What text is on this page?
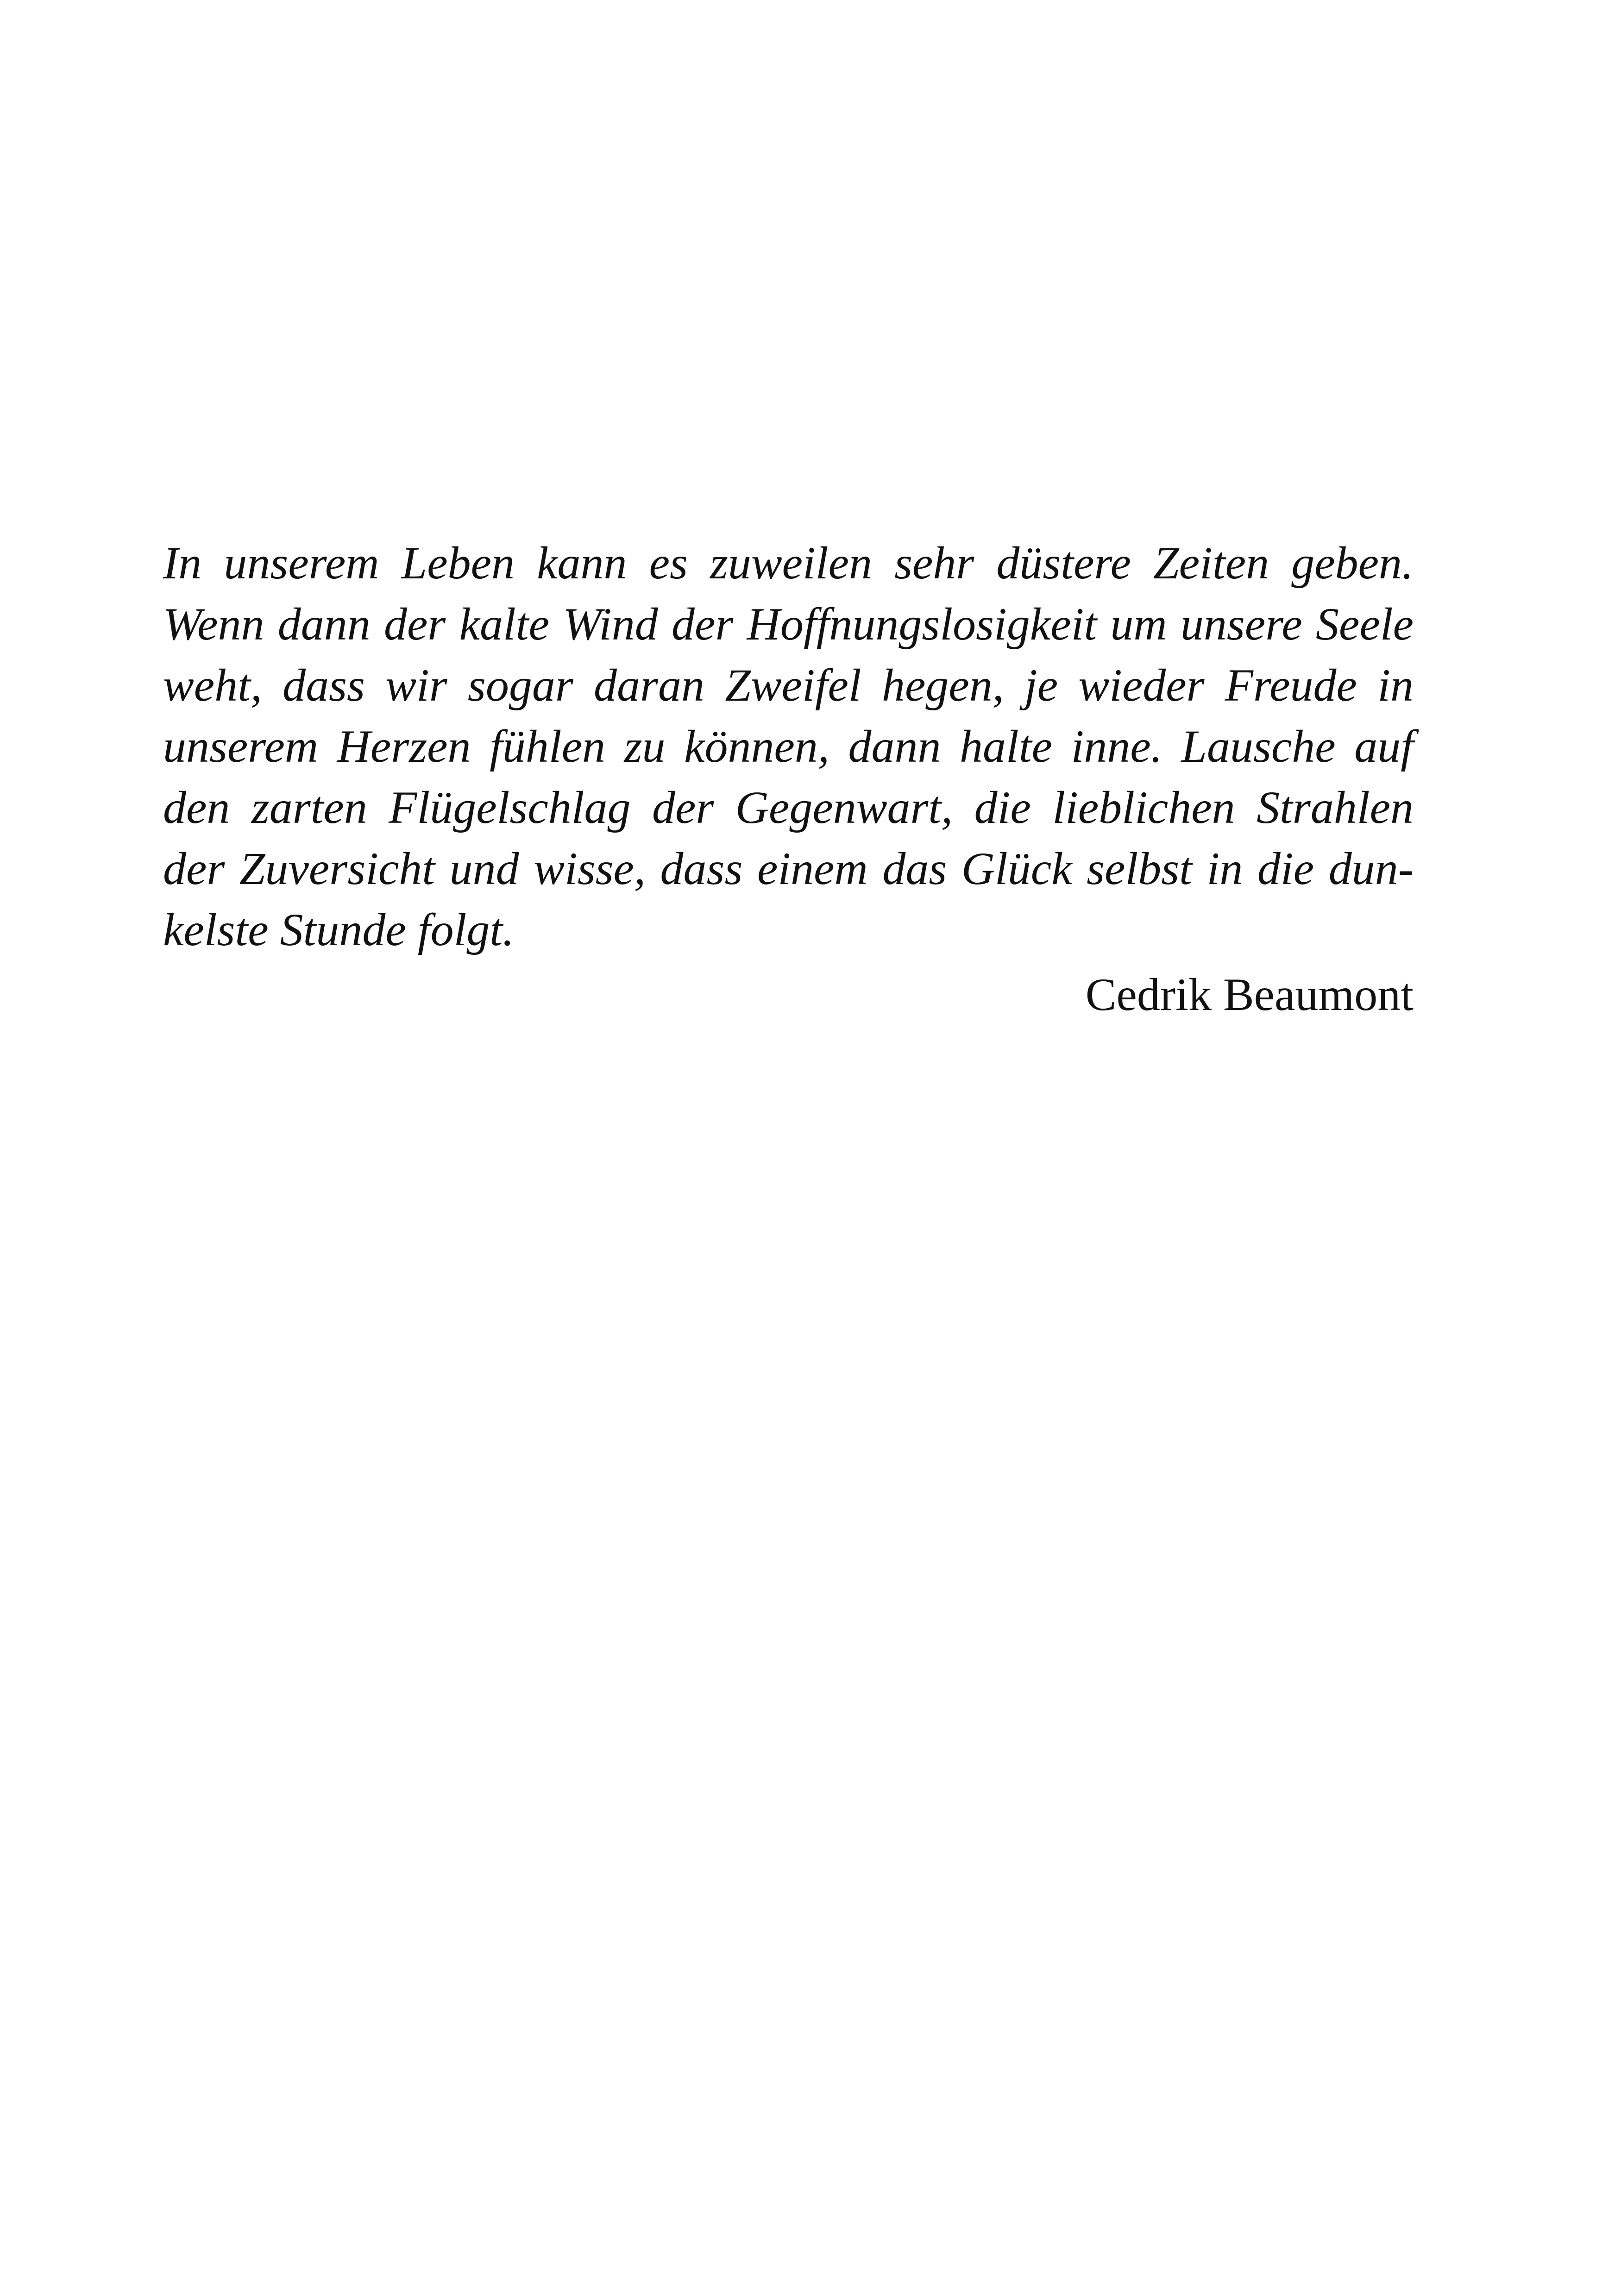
In unserem Leben kann es zuweilen sehr düstere Zeiten geben.
Wenn dann der kalte Wind der Hoffnungslosigkeit um unsere Seele
weht, dass wir sogar daran Zweifel hegen, je wieder Freude in
unserem Herzen fühlen zu können, dann halte inne. Lausche auf
den zarten Flügelschlag der Gegenwart, die lieblichen Strahlen
der Zuversicht und wisse, dass einem das Glück selbst in die dun-
kelste Stunde folgt.
Cedrik Beaumont
